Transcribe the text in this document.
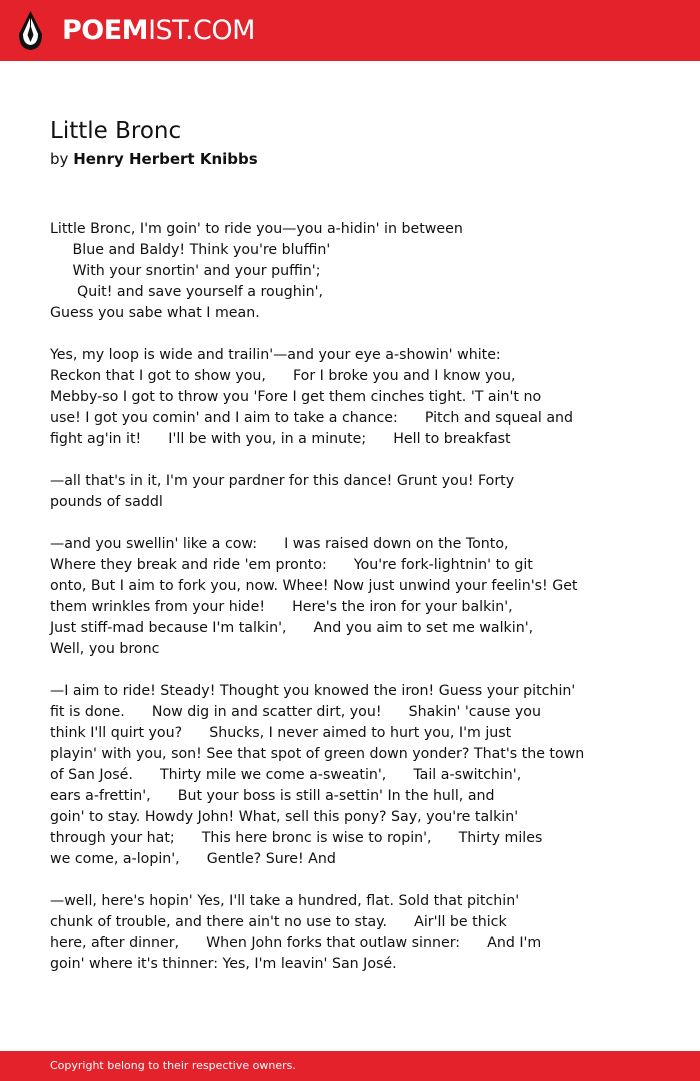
POEMIST.COM
Little Bronc
by Henry Herbert Knibbs
Little Bronc, I'm goin' to ride you—you a-hidin' in between
Blue and Baldy! Think you're bluffin'
With your snortin' and your puffin';
Quit! and save yourself a roughin',
Guess you sabe what I mean.
Yes, my loop is wide and trailin'—and your eye a-showin' white:
Reckon that I got to show you,      For I broke you and I know you,
Mebby-so I got to throw you 'Fore I get them cinches tight. 'T ain't no
use! I got you comin' and I aim to take a chance:      Pitch and squeal and
fight ag'in it!      I'll be with you, in a minute;      Hell to breakfast
—all that's in it, I'm your pardner for this dance! Grunt you! Forty
pounds of saddl
—and you swellin' like a cow:      I was raised down on the Tonto,
Where they break and ride 'em pronto:      You're fork-lightnin' to git
onto, But I aim to fork you, now. Whee! Now just unwind your feelin's! Get
them wrinkles from your hide!      Here's the iron for your balkin',
Just stiff-mad because I'm talkin',      And you aim to set me walkin',
Well, you bronc
—I aim to ride! Steady! Thought you knowed the iron! Guess your pitchin'
fit is done.      Now dig in and scatter dirt, you!      Shakin' 'cause you
think I'll quirt you?      Shucks, I never aimed to hurt you, I'm just
playin' with you, son! See that spot of green down yonder? That's the town
of San José.      Thirty mile we come a-sweatin',      Tail a-switchin',
ears a-frettin',      But your boss is still a-settin' In the hull, and
goin' to stay. Howdy John! What, sell this pony? Say, you're talkin'
through your hat;      This here bronc is wise to ropin',      Thirty miles
we come, a-lopin',      Gentle? Sure! And
—well, here's hopin' Yes, I'll take a hundred, flat. Sold that pitchin'
chunk of trouble, and there ain't no use to stay.      Air'll be thick
here, after dinner,      When John forks that outlaw sinner:      And I'm
goin' where it's thinner: Yes, I'm leavin' San José.
Copyright belong to their respective owners.
